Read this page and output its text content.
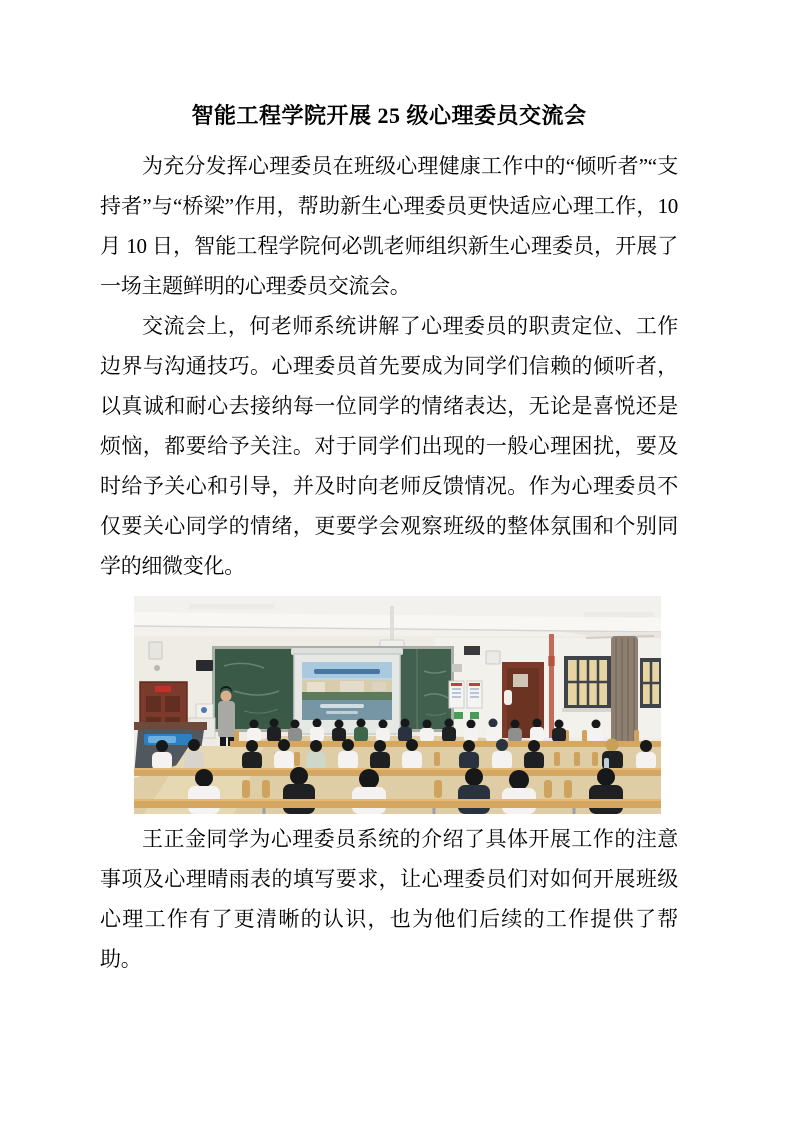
智能工程学院开展 25 级心理委员交流会

为充分发挥心理委员在班级心理健康工作中的“倾听者”“支持者”与“桥梁”作用，帮助新生心理委员更快适应心理工作，10 月 10 日，智能工程学院何必凯老师组织新生心理委员，开展了一场主题鲜明的心理委员交流会。

交流会上，何老师系统讲解了心理委员的职责定位、工作边界与沟通技巧。心理委员首先要成为同学们信赖的倾听者，以真诚和耐心去接纳每一位同学的情绪表达，无论是喜悦还是烦恼，都要给予关注。对于同学们出现的一般心理困扰，要及时给予关心和引导，并及时向老师反馈情况。作为心理委员不仅要关心同学的情绪，更要学会观察班级的整体氛围和个别同学的细微变化。

王正金同学为心理委员系统的介绍了具体开展工作的注意事项及心理晴雨表的填写要求，让心理委员们对如何开展班级心理工作有了更清晰的认识，也为他们后续的工作提供了帮助。
